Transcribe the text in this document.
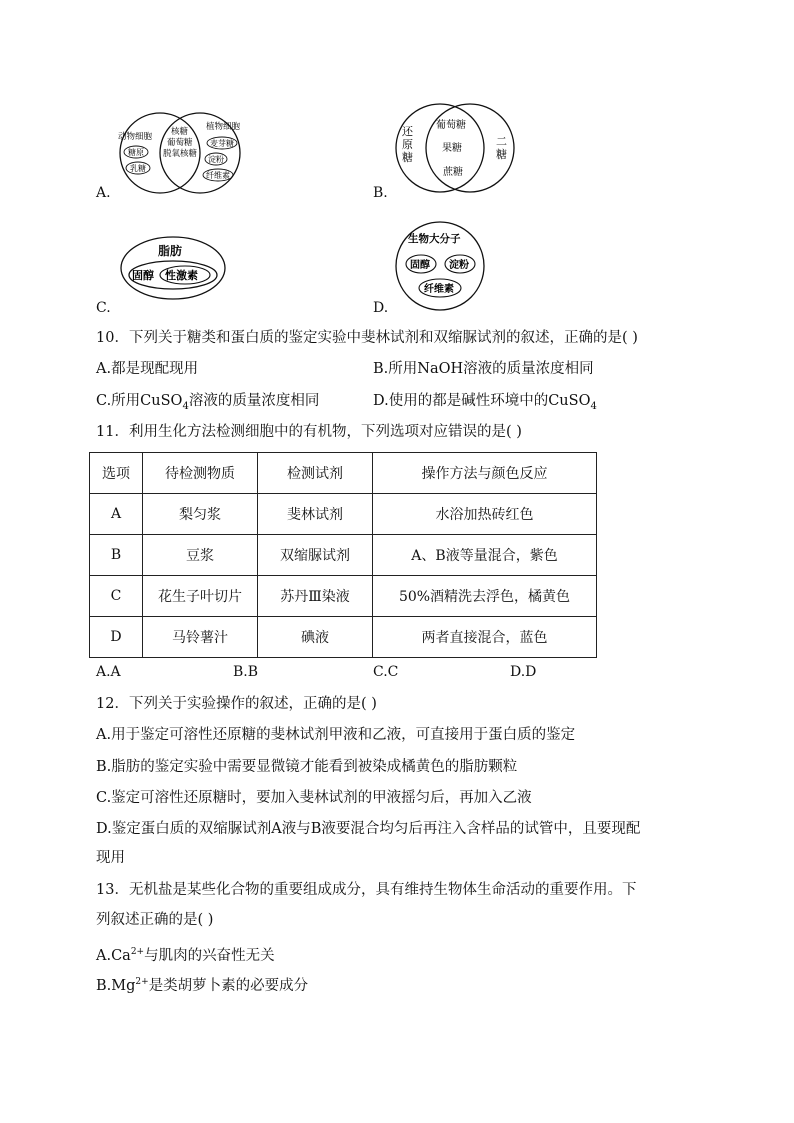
动物细胞
植物细胞
糖原
乳糖
核糖
葡萄糖
脱氧核糖
麦芽糖
淀粉
纤维素
A.
还
原
糖
二
糖
葡萄糖
果糖
蔗糖
B.
脂肪
固醇 性激素
C.
生物大分子
固醇 淀粉
纤维素
D.
10．下列关于糖类和蛋白质的鉴定实验中斐林试剂和双缩脲试剂的叙述，正确的是( )
A.都是现配现用	B.所用NaOH溶液的质量浓度相同
C.所用CuSO$_4$溶液的质量浓度相同	D.使用的都是碱性环境中的CuSO$_4$
11．利用生化方法检测细胞中的有机物，下列选项对应错误的是( )
选项	待检测物质	检测试剂	操作方法与颜色反应
A	梨匀浆	斐林试剂	水浴加热砖红色
B	豆浆	双缩脲试剂	A、B液等量混合，紫色
C	花生子叶切片	苏丹Ⅲ染液	50%酒精洗去浮色，橘黄色
D	马铃薯汁	碘液	两者直接混合，蓝色
A.A	B.B	C.C	D.D
12．下列关于实验操作的叙述，正确的是( )
A.用于鉴定可溶性还原糖的斐林试剂甲液和乙液，可直接用于蛋白质的鉴定
B.脂肪的鉴定实验中需要显微镜才能看到被染成橘黄色的脂肪颗粒
C.鉴定可溶性还原糖时，要加入斐林试剂的甲液摇匀后，再加入乙液
D.鉴定蛋白质的双缩脲试剂A液与B液要混合均匀后再注入含样品的试管中，且要现配
现用
13．无机盐是某些化合物的重要组成成分，具有维持生物体生命活动的重要作用。下
列叙述正确的是( )
$A.Ca^{2+}$与肌肉的兴奋性无关
$B.Mg^{2+}$是类胡萝卜素的必要成分
